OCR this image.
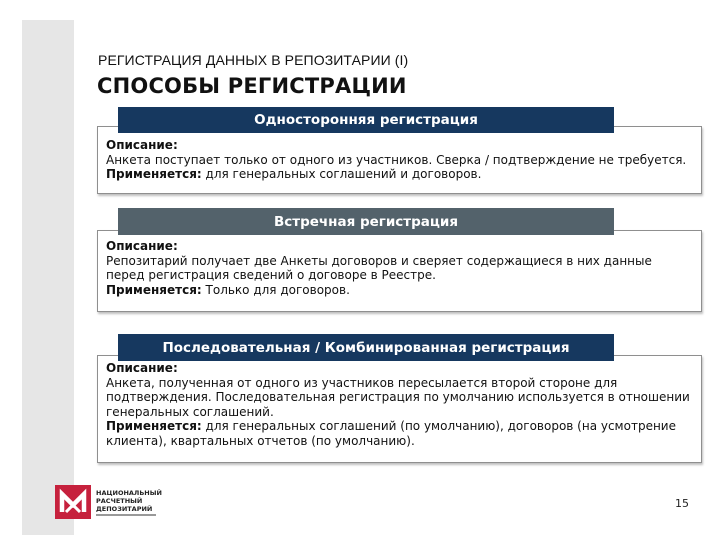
РЕГИСТРАЦИЯ ДАННЫХ В РЕПОЗИТАРИИ (I)
СПОСОБЫ РЕГИСТРАЦИИ
Описание:
Анкета поступает только от одного из участников. Сверка / подтверждение не требуется.
Применяется: для генеральных соглашений и договоров.
Односторонняя регистрация
Описание:
Репозитарий получает две Анкеты договоров и сверяет содержащиеся в них данные перед регистрация сведений о договоре в Реестре.
Применяется: Только для договоров.
Встречная регистрация
Описание:
Анкета, полученная от одного из участников пересылается второй стороне для подтверждения. Последовательная регистрация по умолчанию используется в отношении генеральных соглашений.
Применяется: для генеральных соглашений (по умолчанию), договоров (на усмотрение клиента), квартальных отчетов (по умолчанию).
Последовательная / Комбинированная регистрация
НАЦИОНАЛЬНЫЙ
РАСЧЕТНЫЙ
ДЕПОЗИТАРИЙ	15
